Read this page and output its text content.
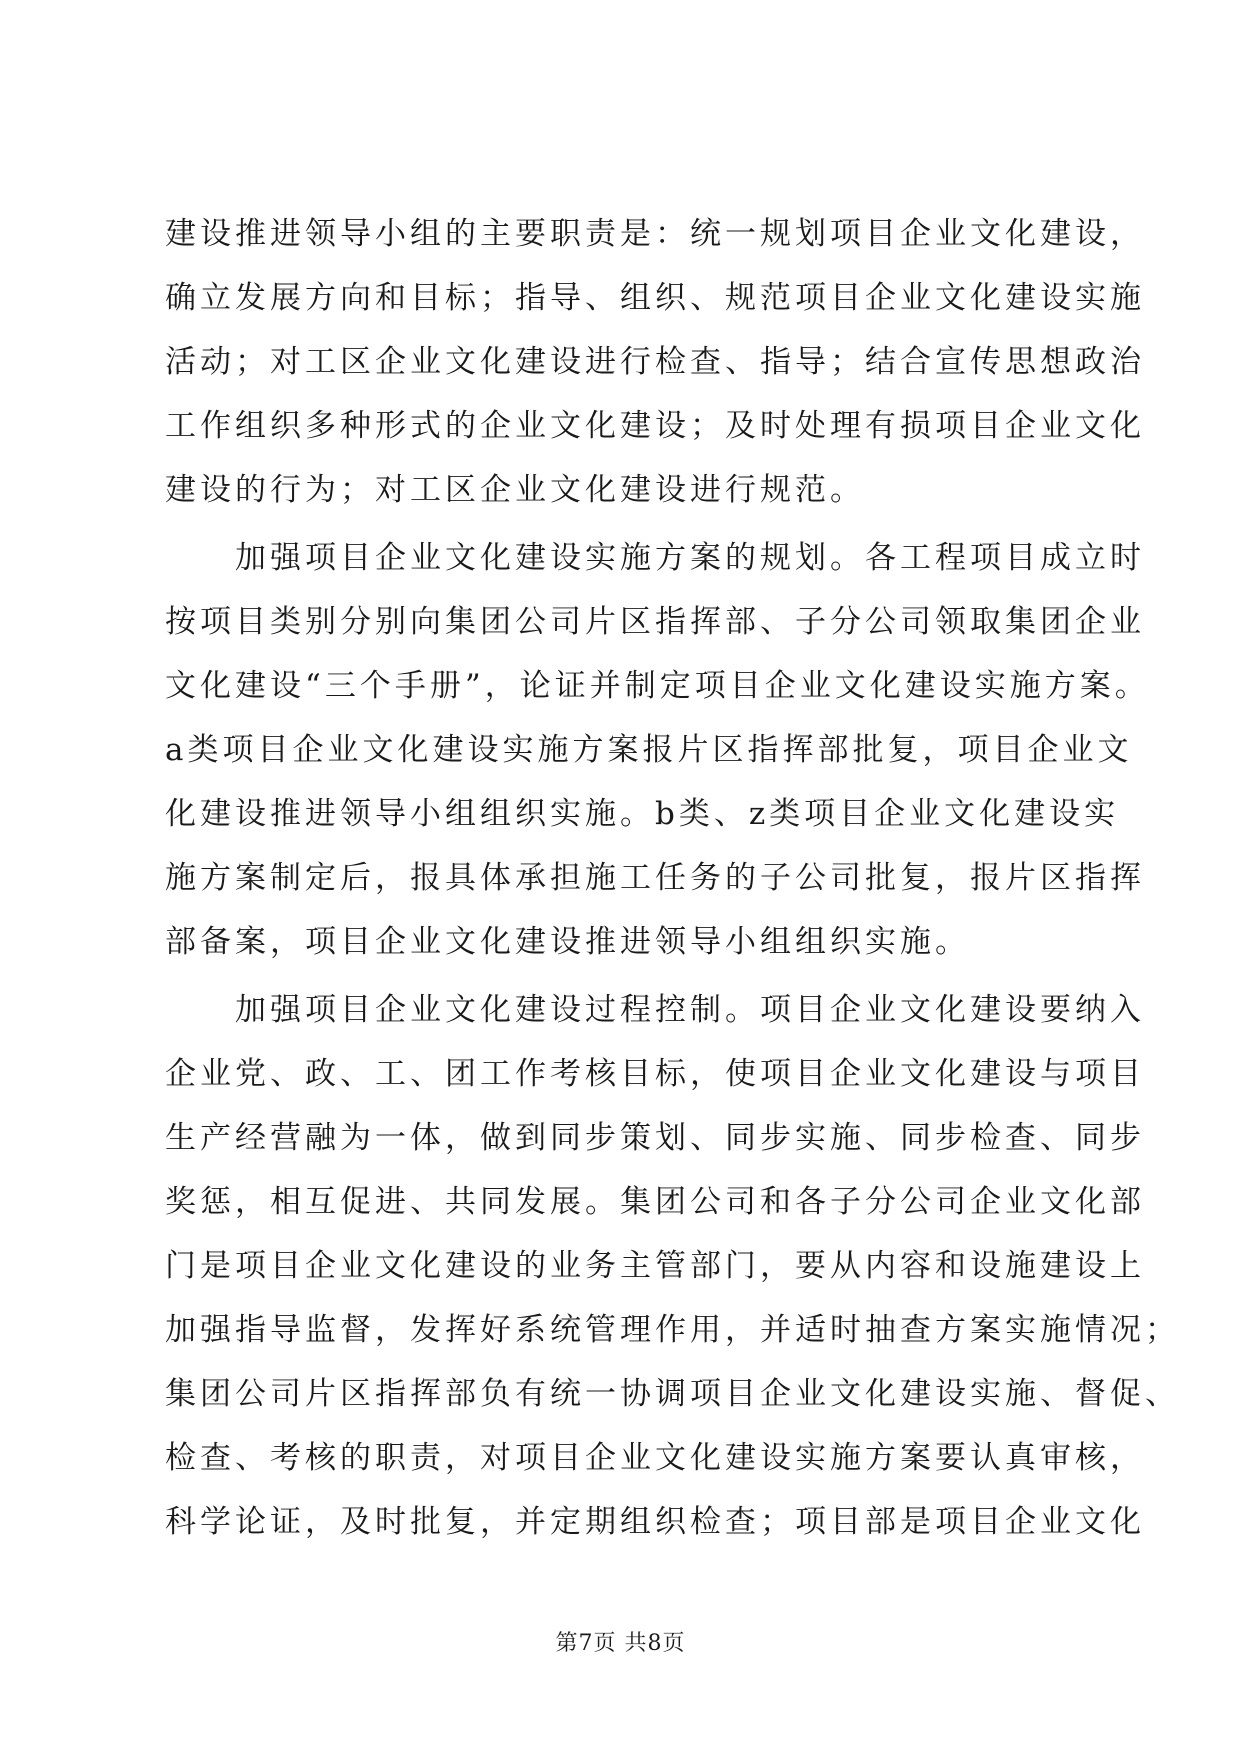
建设推进领导小组的主要职责是：统一规划项目企业文化建设，
确立发展方向和目标；指导、组织、规范项目企业文化建设实施
活动；对工区企业文化建设进行检查、指导；结合宣传思想政治
工作组织多种形式的企业文化建设；及时处理有损项目企业文化
建设的行为；对工区企业文化建设进行规范。
　　加强项目企业文化建设实施方案的规划。各工程项目成立时
按项目类别分别向集团公司片区指挥部、子分公司领取集团企业
文化建设“三个手册”，论证并制定项目企业文化建设实施方案。
a类项目企业文化建设实施方案报片区指挥部批复，项目企业文
化建设推进领导小组组织实施。b类、z类项目企业文化建设实
施方案制定后，报具体承担施工任务的子公司批复，报片区指挥
部备案，项目企业文化建设推进领导小组组织实施。
　　加强项目企业文化建设过程控制。项目企业文化建设要纳入
企业党、政、工、团工作考核目标，使项目企业文化建设与项目
生产经营融为一体，做到同步策划、同步实施、同步检查、同步
奖惩，相互促进、共同发展。集团公司和各子分公司企业文化部
门是项目企业文化建设的业务主管部门，要从内容和设施建设上
加强指导监督，发挥好系统管理作用，并适时抽查方案实施情况；
集团公司片区指挥部负有统一协调项目企业文化建设实施、督促、
检查、考核的职责，对项目企业文化建设实施方案要认真审核，
科学论证，及时批复，并定期组织检查；项目部是项目企业文化
第7页 共8页
